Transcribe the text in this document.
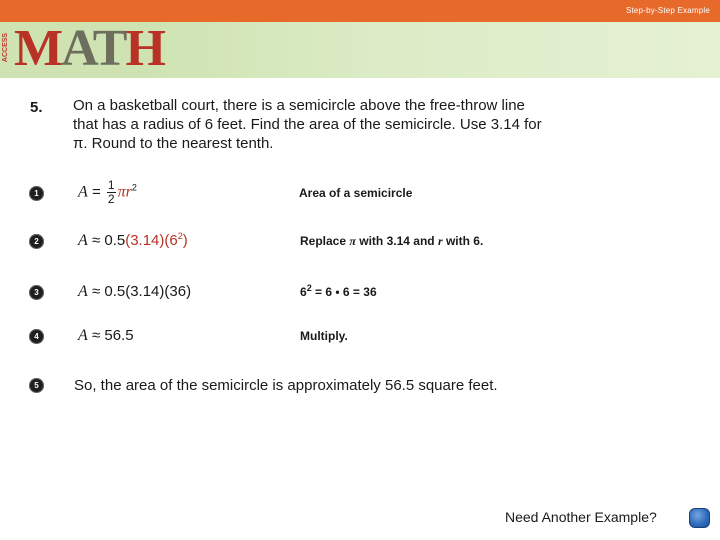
Step-by-Step Example
ACCESS MATH
5. On a basketball court, there is a semicircle above the free-throw line that has a radius of 6 feet. Find the area of the semicircle. Use 3.14 for π. Round to the nearest tenth.
1	$A = \frac{1}{2} \pi r^2$	Area of a semicircle
2	$A \approx 0.5(3.14)(6^2)$	Replace π with 3.14 and r with 6.
3	A ≈ 0.5(3.14)(36)	$6^2 = 6$ • 6 = 36
4	A ≈ 56.5	Multiply.
5	So, the area of the semicircle is approximately 56.5 square feet.
Need Another Example?
